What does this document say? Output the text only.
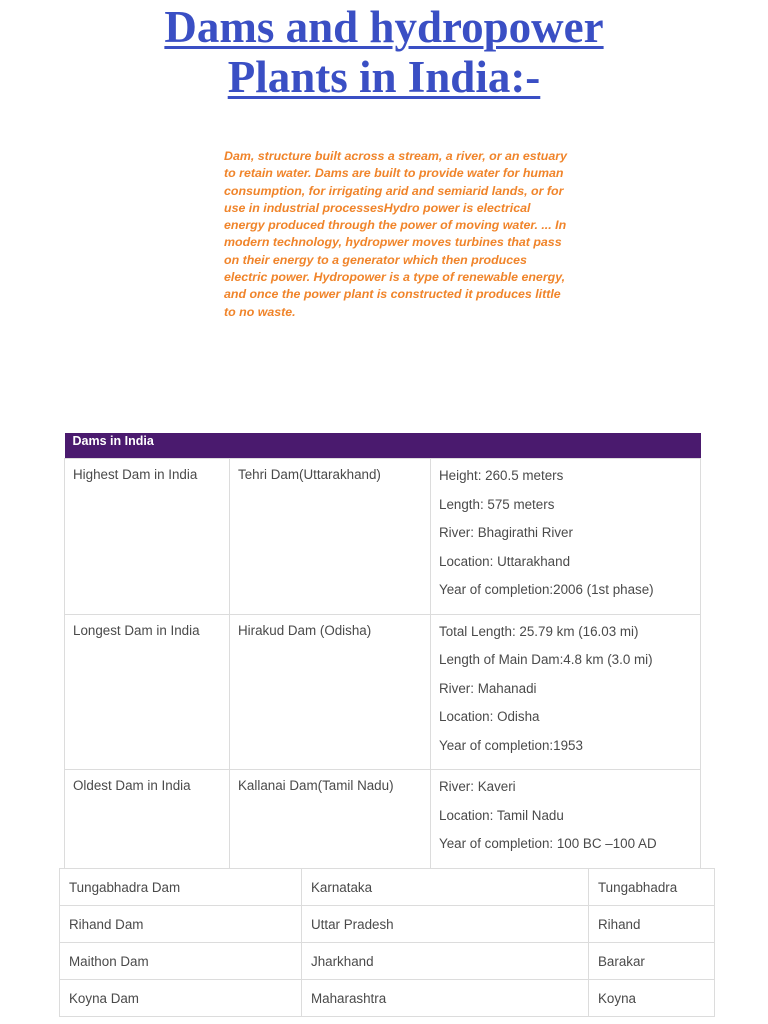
Dams and hydropower
Plants in India:-
Dam, structure built across a stream, a river, or an estuary to retain water. Dams are built to provide water for human consumption, for irrigating arid and semiarid lands, or for use in industrial processesHydro power is electrical energy produced through the power of moving water. ... In modern technology, hydropwer moves turbines that pass on their energy to a generator which then produces electric power. Hydropower is a type of renewable energy, and once the power plant is constructed it produces little to no waste.
Dams in India		
Highest Dam in India	Tehri Dam(Uttarakhand)	Height: 260.5 meters
Length: 575 meters
River: Bhagirathi River
Location: Uttarakhand
Year of completion:2006 (1st phase)

Longest Dam in India	Hirakud Dam (Odisha)	Total Length: 25.79 km (16.03 mi)
Length of Main Dam:4.8 km (3.0 mi)
River: Mahanadi
Location: Odisha
Year of completion:1953

Oldest Dam in India	Kallanai Dam(Tamil Nadu)	River: Kaveri
Location: Tamil Nadu
Year of completion: 100 BC –100 AD
Tungabhadra Dam	Karnataka	Tungabhadra
Rihand Dam	Uttar Pradesh	Rihand
Maithon Dam	Jharkhand	Barakar
Koyna Dam	Maharashtra	Koyna
